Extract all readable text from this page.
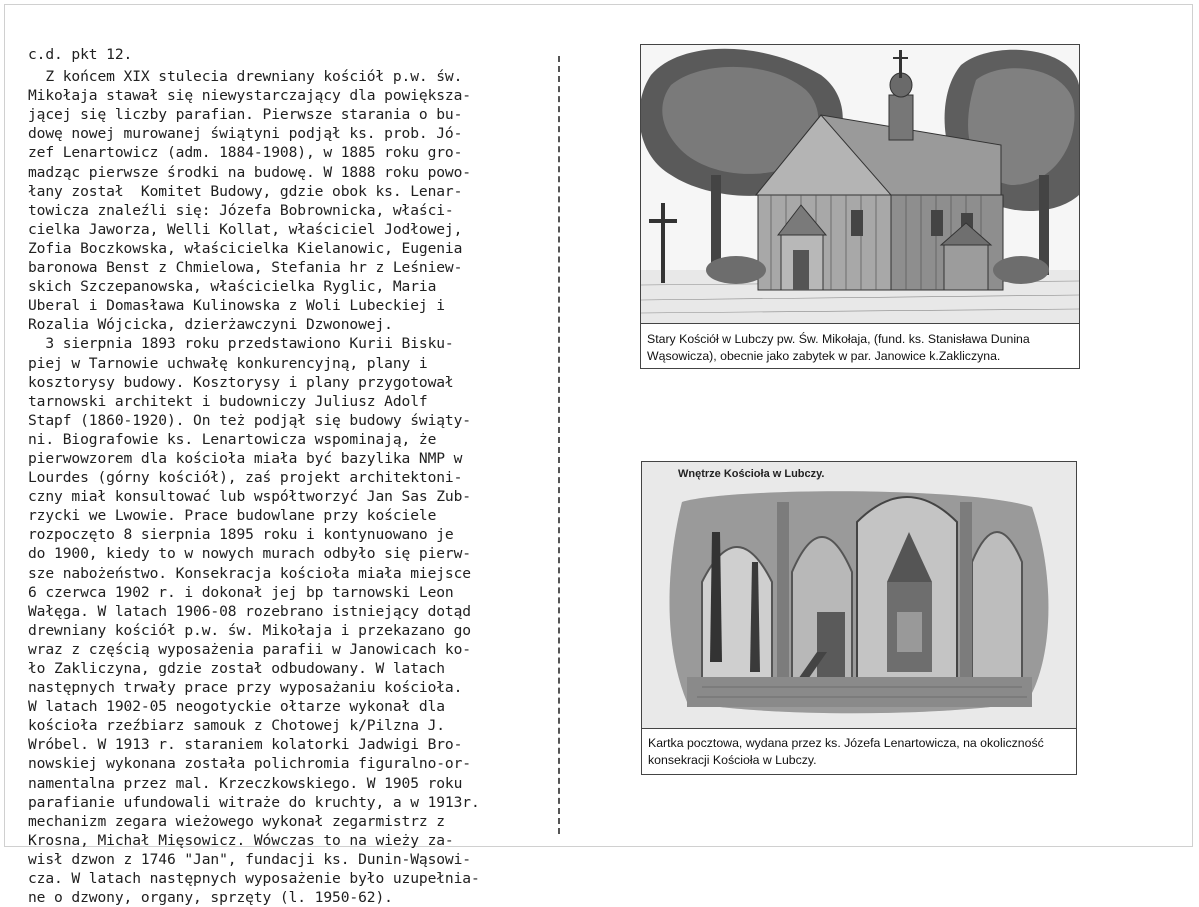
c.d. pkt 12.
Z końcem XIX stulecia drewniany kościół p.w. św.
Mikołaja stawał się niewystarczający dla powiększa-
jącej się liczby parafian. Pierwsze starania o bu-
dowę nowej murowanej świątyni podjął ks. prob. Jó-
zef Lenartowicz (adm. 1884-1908), w 1885 roku gro-
madząc pierwsze środki na budowę. W 1888 roku powo-
łany został  Komitet Budowy, gdzie obok ks. Lenar-
towicza znaleźli się: Józefa Bobrownicka, właści-
cielka Jaworza, Welli Kollat, właściciel Jodłowej,
Zofia Boczkowska, właścicielka Kielanowic, Eugenia
baronowa Benst z Chmielowa, Stefania hr z Leśniew-
skich Szczepanowska, właścicielka Ryglic, Maria
Uberal i Domasława Kulinowska z Woli Lubeckiej i
Rozalia Wójcicka, dzierżawczyni Dzwonowej.
3 sierpnia 1893 roku przedstawiono Kurii Bisku-
piej w Tarnowie uchwałę konkurencyjną, plany i
kosztorysy budowy. Kosztorysy i plany przygotował
tarnowski architekt i budowniczy Juliusz Adolf
Stapf (1860-1920). On też podjął się budowy świąty-
ni. Biografowie ks. Lenartowicza wspominają, że
pierwowzorem dla kościoła miała być bazylika NMP w
Lourdes (górny kościół), zaś projekt architektoni-
czny miał konsultować lub współtworzyć Jan Sas Zub-
rzycki we Lwowie. Prace budowlane przy kościele
rozpoczęto 8 sierpnia 1895 roku i kontynuowano je
do 1900, kiedy to w nowych murach odbyło się pierw-
sze nabożeństwo. Konsekracja kościoła miała miejsce
6 czerwca 1902 r. i dokonał jej bp tarnowski Leon
Wałęga. W latach 1906-08 rozebrano istniejący dotąd
drewniany kościół p.w. św. Mikołaja i przekazano go
wraz z częścią wyposażenia parafii w Janowicach ko-
ło Zakliczyna, gdzie został odbudowany. W latach
następnych trwały prace przy wyposażaniu kościoła.
W latach 1902-05 neogotyckie ołtarze wykonał dla
kościoła rzeźbiarz samouk z Chotowej k/Pilzna J.
Wróbel. W 1913 r. staraniem kolatorki Jadwigi Bro-
nowskiej wykonana została polichromia figuralno-or-
namentalna przez mal. Krzeczkowskiego. W 1905 roku
parafianie ufundowali witraże do kruchty, a w 1913r.
mechanizm zegara wieżowego wykonał zegarmistrz z
Krosna, Michał Mięsowicz. Wówczas to na wieży za-
wisł dzwon z 1746 "Jan", fundacji ks. Dunin-Wąsowi-
cza. W latach następnych wyposażenie było uzupełnia-
ne o dzwony, organy, sprzęty (l. 1950-62).
Stary Kościół w Lubczy pw. Św. Mikołaja, (fund. ks. Stanisława Dunina
Wąsowicza), obecnie jako zabytek w par. Janowice k.Zakliczyna.
Wnętrze Kościoła w Lubczy.
Kartka pocztowa, wydana przez ks. Józefa Lenartowicza, na okoliczność
konsekracji Kościoła w Lubczy.
